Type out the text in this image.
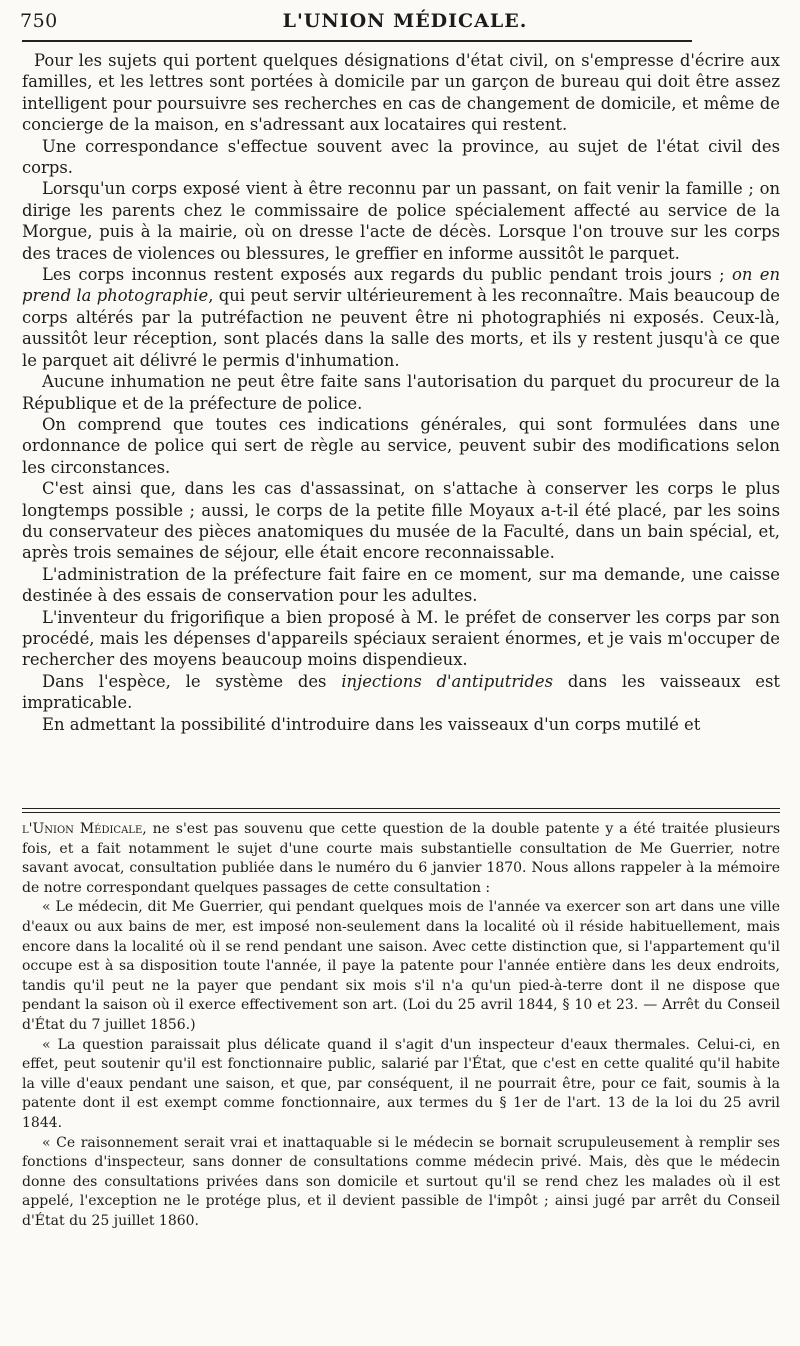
750	L'UNION MÉDICALE.

Pour les sujets qui portent quelques désignations d'état civil, on s'empresse d'écrire aux familles, et les lettres sont portées à domicile par un garçon de bureau qui doit être assez intelligent pour poursuivre ses recherches en cas de changement de domicile, et même de concierge de la maison, en s'adressant aux locataires qui restent.

Une correspondance s'effectue souvent avec la province, au sujet de l'état civil des corps.

Lorsqu'un corps exposé vient à être reconnu par un passant, on fait venir la famille ; on dirige les parents chez le commissaire de police spécialement affecté au service de la Morgue, puis à la mairie, où on dresse l'acte de décès. Lorsque l'on trouve sur les corps des traces de violences ou blessures, le greffier en informe aussitôt le parquet.

Les corps inconnus restent exposés aux regards du public pendant trois jours ; on en prend la photographie, qui peut servir ultérieurement à les reconnaître. Mais beaucoup de corps altérés par la putréfaction ne peuvent être ni photographiés ni exposés. Ceux-là, aussitôt leur réception, sont placés dans la salle des morts, et ils y restent jusqu'à ce que le parquet ait délivré le permis d'inhumation.

Aucune inhumation ne peut être faite sans l'autorisation du parquet du procureur de la République et de la préfecture de police.

On comprend que toutes ces indications générales, qui sont formulées dans une ordonnance de police qui sert de règle au service, peuvent subir des modifications selon les circonstances.

C'est ainsi que, dans les cas d'assassinat, on s'attache à conserver les corps le plus longtemps possible ; aussi, le corps de la petite fille Moyaux a-t-il été placé, par les soins du conservateur des pièces anatomiques du musée de la Faculté, dans un bain spécial, et, après trois semaines de séjour, elle était encore reconnaissable.

L'administration de la préfecture fait faire en ce moment, sur ma demande, une caisse destinée à des essais de conservation pour les adultes.

L'inventeur du frigorifique a bien proposé à M. le préfet de conserver les corps par son procédé, mais les dépenses d'appareils spéciaux seraient énormes, et je vais m'occuper de rechercher des moyens beaucoup moins dispendieux.

Dans l'espèce, le système des injections d'antiputrides dans les vaisseaux est impraticable.

En admettant la possibilité d'introduire dans les vaisseaux d'un corps mutilé et

l'Union Médicale, ne s'est pas souvenu que cette question de la double patente y a été traitée plusieurs fois, et a fait notamment le sujet d'une courte mais substantielle consultation de Me Guerrier, notre savant avocat, consultation publiée dans le numéro du 6 janvier 1870. Nous allons rappeler à la mémoire de notre correspondant quelques passages de cette consultation :

« Le médecin, dit Me Guerrier, qui pendant quelques mois de l'année va exercer son art dans une ville d'eaux ou aux bains de mer, est imposé non-seulement dans la localité où il réside habituellement, mais encore dans la localité où il se rend pendant une saison. Avec cette distinction que, si l'appartement qu'il occupe est à sa disposition toute l'année, il paye la patente pour l'année entière dans les deux endroits, tandis qu'il peut ne la payer que pendant six mois s'il n'a qu'un pied-à-terre dont il ne dispose que pendant la saison où il exerce effectivement son art. (Loi du 25 avril 1844, § 10 et 23. — Arrêt du Conseil d'État du 7 juillet 1856.)

« La question paraissait plus délicate quand il s'agit d'un inspecteur d'eaux thermales. Celui-ci, en effet, peut soutenir qu'il est fonctionnaire public, salarié par l'État, que c'est en cette qualité qu'il habite la ville d'eaux pendant une saison, et que, par conséquent, il ne pourrait être, pour ce fait, soumis à la patente dont il est exempt comme fonctionnaire, aux termes du § 1er de l'art. 13 de la loi du 25 avril 1844.

« Ce raisonnement serait vrai et inattaquable si le médecin se bornait scrupuleusement à remplir ses fonctions d'inspecteur, sans donner de consultations comme médecin privé. Mais, dès que le médecin donne des consultations privées dans son domicile et surtout qu'il se rend chez les malades où il est appelé, l'exception ne le protége plus, et il devient passible de l'impôt ; ainsi jugé par arrêt du Conseil d'État du 25 juillet 1860.
